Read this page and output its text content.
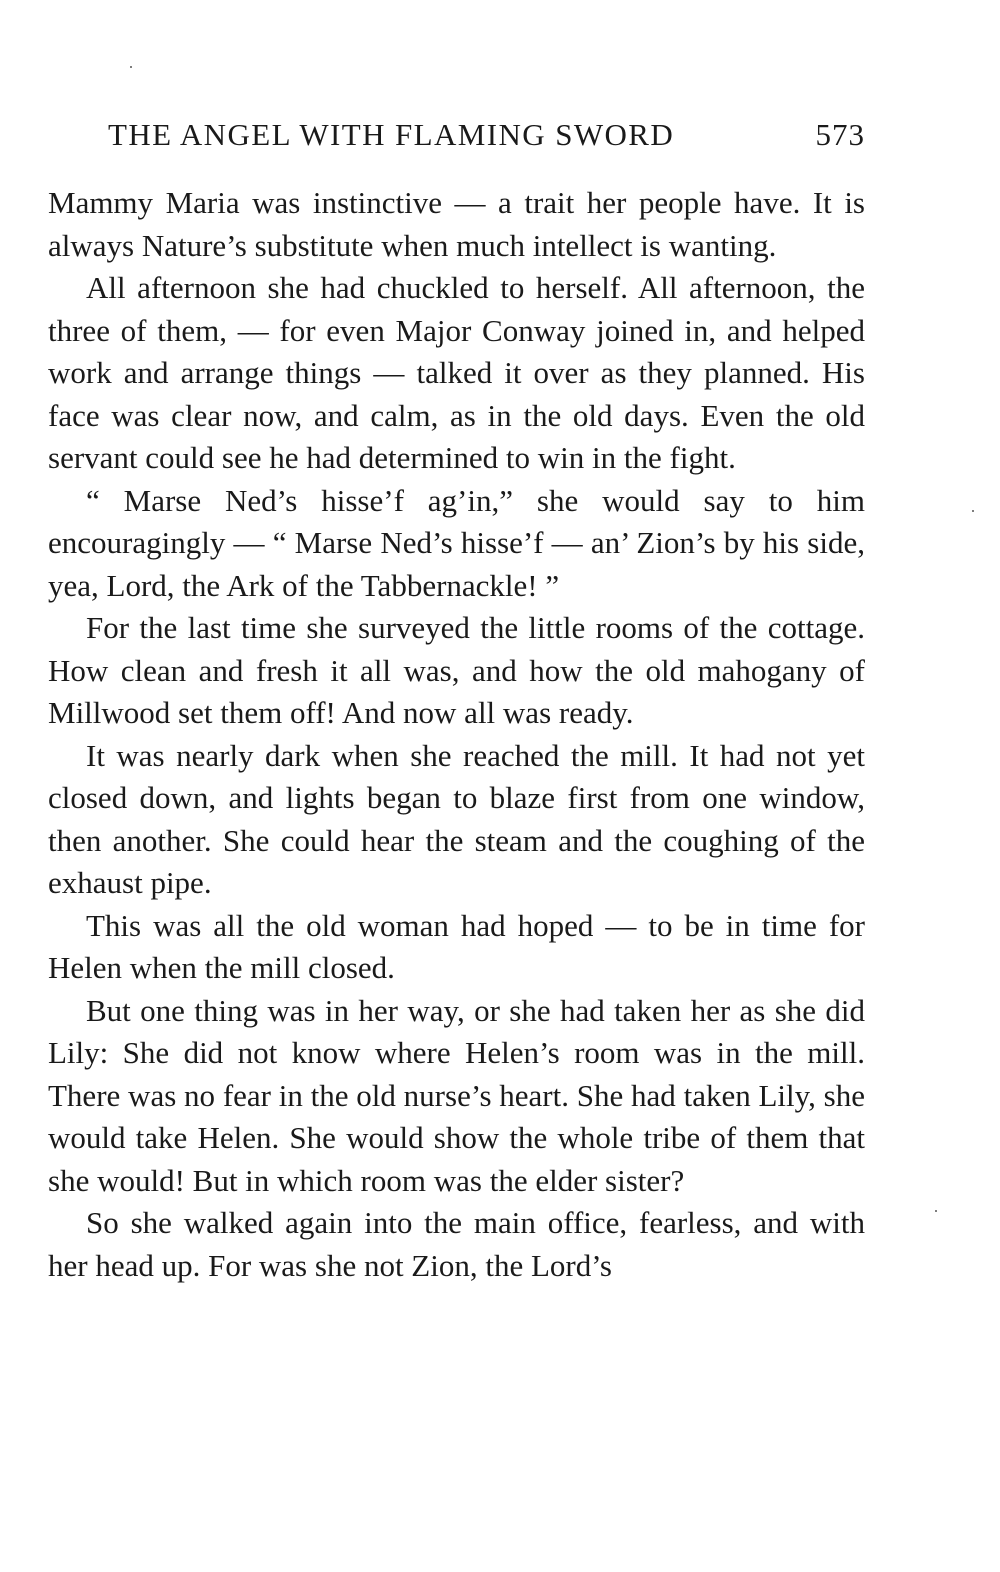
THE ANGEL WITH FLAMING SWORD	573

Mammy Maria was instinctive — a trait her people have. It is always Nature’s substitute when much intellect is wanting.

All afternoon she had chuckled to herself. All afternoon, the three of them, — for even Major Conway joined in, and helped work and arrange things — talked it over as they planned. His face was clear now, and calm, as in the old days. Even the old servant could see he had determined to win in the fight.

“ Marse Ned’s hisse’f ag’in,” she would say to him encouragingly — “ Marse Ned’s hisse’f — an’ Zion’s by his side, yea, Lord, the Ark of the Tabbernackle! ”

For the last time she surveyed the little rooms of the cottage. How clean and fresh it all was, and how the old mahogany of Millwood set them off! And now all was ready.

It was nearly dark when she reached the mill. It had not yet closed down, and lights began to blaze first from one window, then another. She could hear the steam and the coughing of the exhaust pipe.

This was all the old woman had hoped — to be in time for Helen when the mill closed.

But one thing was in her way, or she had taken her as she did Lily: She did not know where Helen’s room was in the mill. There was no fear in the old nurse’s heart. She had taken Lily, she would take Helen. She would show the whole tribe of them that she would! But in which room was the elder sister?

So she walked again into the main office, fearless, and with her head up. For was she not Zion, the Lord’s
